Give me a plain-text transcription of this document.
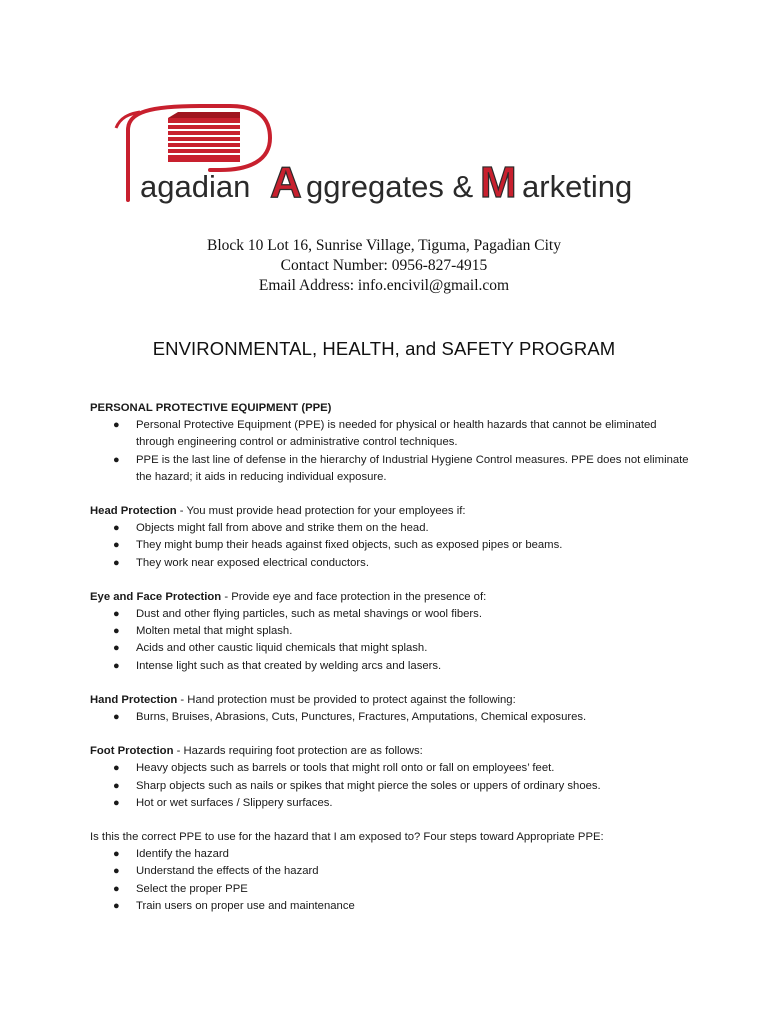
agadian A ggregates & M arketing
Block 10 Lot 16, Sunrise Village, Tiguma, Pagadian City
Contact Number: 0956-827-4915
Email Address: info.encivil@gmail.com
ENVIRONMENTAL, HEALTH, and SAFETY PROGRAM
PERSONAL PROTECTIVE EQUIPMENT (PPE)
● Personal Protective Equipment (PPE) is needed for physical or health hazards that cannot be eliminated through engineering control or administrative control techniques.
● PPE is the last line of defense in the hierarchy of Industrial Hygiene Control measures. PPE does not eliminate the hazard; it aids in reducing individual exposure.
Head Protection - You must provide head protection for your employees if:
● Objects might fall from above and strike them on the head.
● They might bump their heads against fixed objects, such as exposed pipes or beams.
● They work near exposed electrical conductors.
Eye and Face Protection - Provide eye and face protection in the presence of:
● Dust and other flying particles, such as metal shavings or wool fibers.
● Molten metal that might splash.
● Acids and other caustic liquid chemicals that might splash.
● Intense light such as that created by welding arcs and lasers.
Hand Protection - Hand protection must be provided to protect against the following:
● Burns, Bruises, Abrasions, Cuts, Punctures, Fractures, Amputations, Chemical exposures.
Foot Protection - Hazards requiring foot protection are as follows:
● Heavy objects such as barrels or tools that might roll onto or fall on employees’ feet.
● Sharp objects such as nails or spikes that might pierce the soles or uppers of ordinary shoes.
● Hot or wet surfaces / Slippery surfaces.
Is this the correct PPE to use for the hazard that I am exposed to? Four steps toward Appropriate PPE:
● Identify the hazard
● Understand the effects of the hazard
● Select the proper PPE
● Train users on proper use and maintenance
